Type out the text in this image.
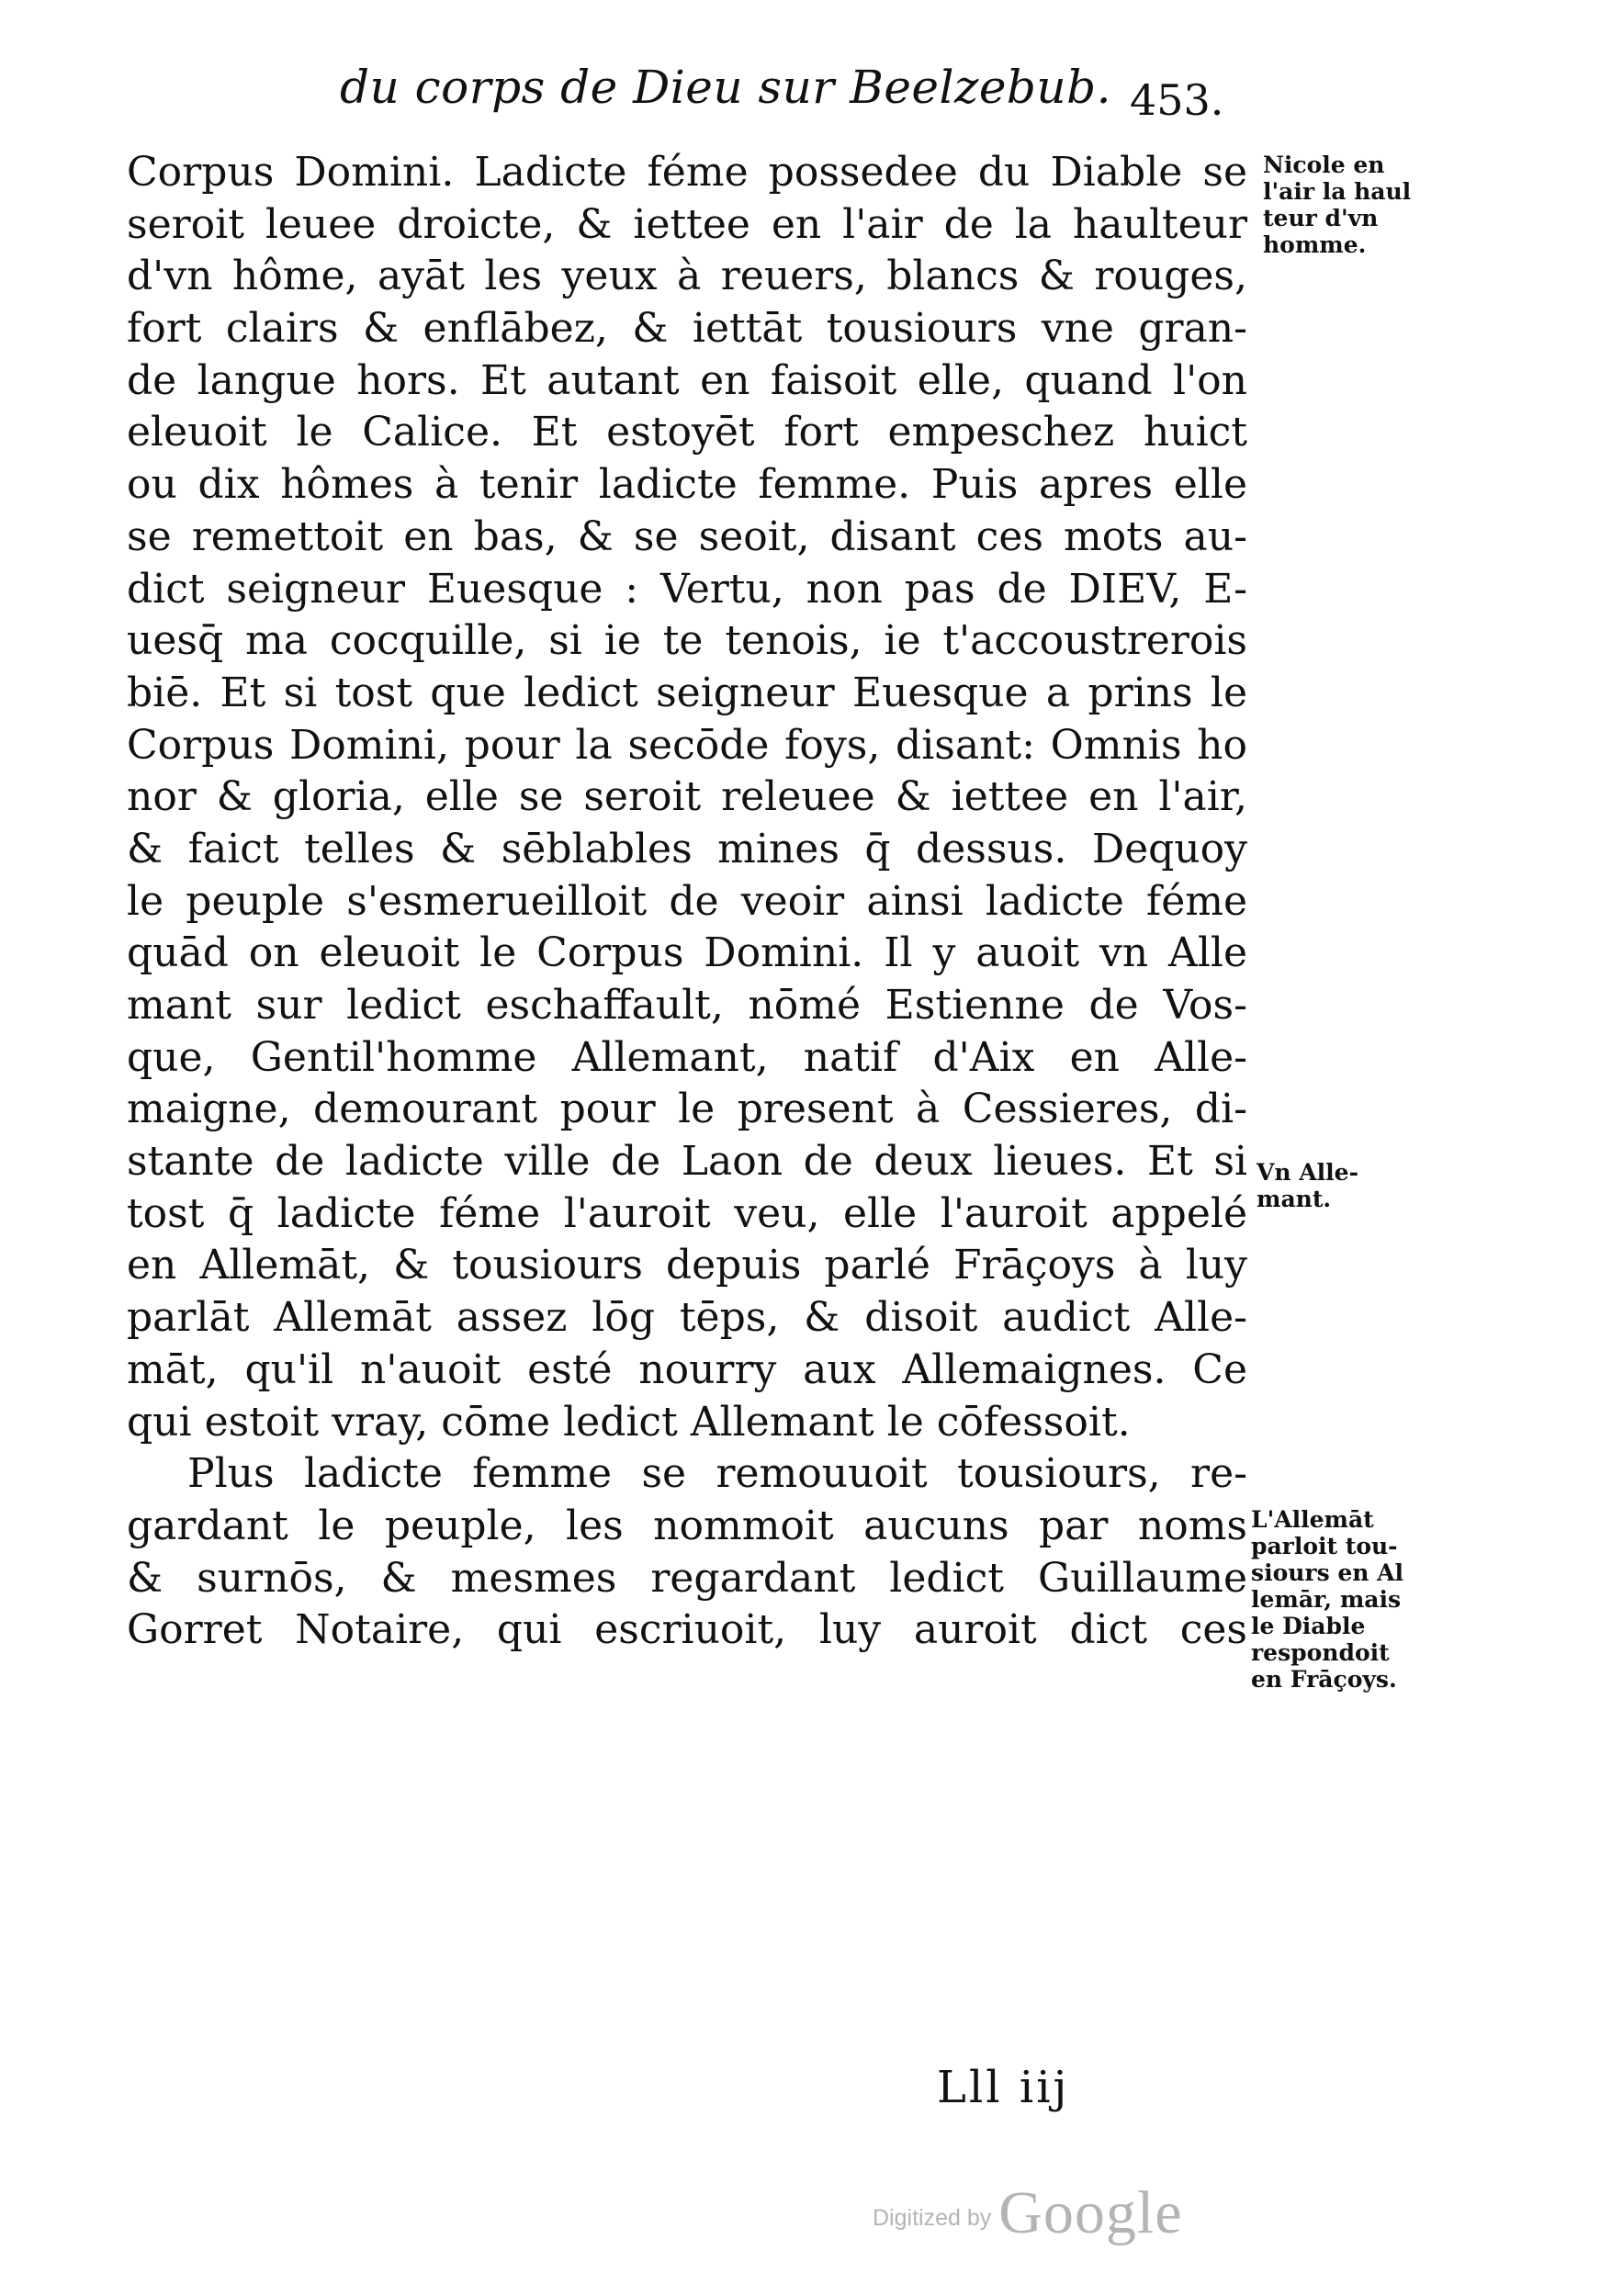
du corps de Dieu sur Beelzebub. 453.
Corpus Domini. Ladicte féme possedee du Diable se
seroit leuee droicte, & iettee en l'air de la haulteur
d'vn hôme, ayāt les yeux à reuers, blancs & rouges,
fort clairs & enflābez, & iettāt tousiours vne gran-
de langue hors. Et autant en faisoit elle, quand l'on
eleuoit le Calice. Et estoyēt fort empeschez huict
ou dix hômes à tenir ladicte femme. Puis apres elle
se remettoit en bas, & se seoit, disant ces mots au-
dict seigneur Euesque : Vertu, non pas de DIEV, E-
uesq̄ ma cocquille, si ie te tenois, ie t'accoustrerois
biē. Et si tost que ledict seigneur Euesque a prins le
Corpus Domini, pour la secōde foys, disant: Omnis ho
nor & gloria, elle se seroit releuee & iettee en l'air,
& faict telles & sēblables mines q̄ dessus. Dequoy
le peuple s'esmerueilloit de veoir ainsi ladicte féme
quād on eleuoit le Corpus Domini. Il y auoit vn Alle
mant sur ledict eschaffault, nōmé Estienne de Vos-
que, Gentil'homme Allemant, natif d'Aix en Alle-
maigne, demourant pour le present à Cessieres, di-
stante de ladicte ville de Laon de deux lieues. Et si
tost q̄ ladicte féme l'auroit veu, elle l'auroit appelé
en Allemāt, & tousiours depuis parlé Frāçoys à luy
parlāt Allemāt assez lōg tēps, & disoit audict Alle-
māt, qu'il n'auoit esté nourry aux Allemaignes. Ce
qui estoit vray, cōme ledict Allemant le cōfessoit.
Plus ladicte femme se remouuoit tousiours, re-
gardant le peuple, les nommoit aucuns par noms
& surnōs, & mesmes regardant ledict Guillaume
Gorret Notaire, qui escriuoit, luy auroit dict ces
Nicole en
l'air la haul
teur d'vn
homme.
Vn Alle-
mant.
L'Allemāt
parloit tou-
siours en Al
lemār, mais
le Diable
respondoit
en Frāçoys.
Lll iij
Digitized by Google
